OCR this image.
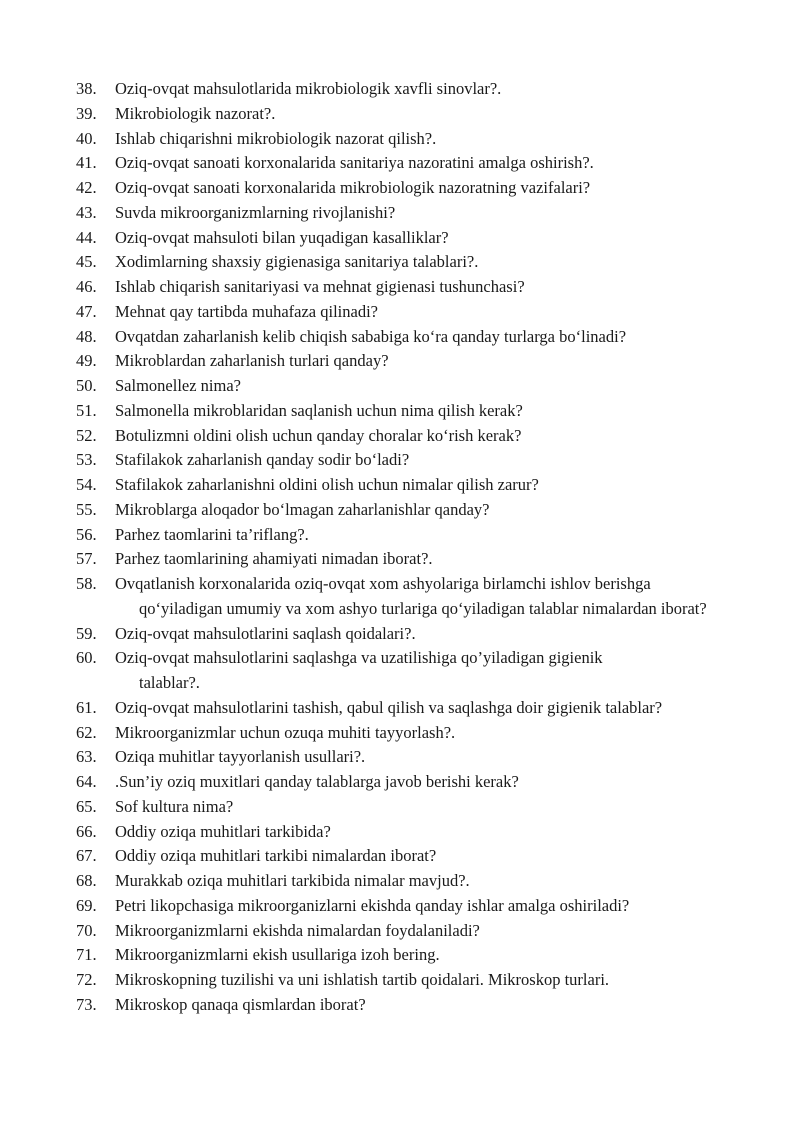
38.	Oziq-ovqat mahsulotlarida mikrobiologik xavfli sinovlar?.
39.	Mikrobiologik nazorat?.
40.	Ishlab chiqarishni mikrobiologik nazorat qilish?.
41.	Oziq-ovqat sanoati korxonalarida sanitariya nazoratini amalga oshirish?.
42.	Oziq-ovqat sanoati korxonalarida mikrobiologik nazoratning vazifalari?
43.	Suvda mikroorganizmlarning rivojlanishi?
44.	Oziq-ovqat mahsuloti bilan yuqadigan kasalliklar?
45.	Xodimlarning shaxsiy gigienasiga sanitariya talablari?.
46.	Ishlab chiqarish sanitariyasi va mehnat gigienasi tushunchasi?
47.	Mehnat qay tartibda muhafaza qilinadi?
48.	Ovqatdan zaharlanish kelib chiqish sababiga ko‘ra qanday turlarga bo‘linadi?
49.	Mikroblardan zaharlanish turlari qanday?
50.	Salmonellez nima?
51.	Salmonella mikroblaridan saqlanish uchun nima qilish kerak?
52.	Botulizmni oldini olish uchun qanday choralar ko‘rish kerak?
53.	Stafilakok zaharlanish qanday sodir bo‘ladi?
54.	Stafilakok zaharlanishni oldini olish uchun nimalar qilish zarur?
55.	Mikroblarga aloqador bo‘lmagan zaharlanishlar qanday?
56.	Parhez taomlarini ta’riflang?.
57.	Parhez taomlarining ahamiyati nimadan iborat?.
58.	Ovqatlanish korxonalarida oziq-ovqat xom ashyolariga birlamchi ishlov berishga
qo‘yiladigan umumiy va xom ashyo turlariga qo‘yiladigan talablar nimalardan iborat?
59.	Oziq-ovqat mahsulotlarini saqlash qoidalari?.
60.	Oziq-ovqat mahsulotlarini saqlashga va uzatilishiga qo’yiladigan gigienik
talablar?.
61.	Oziq-ovqat mahsulotlarini tashish, qabul qilish va saqlashga doir gigienik talablar?
62.	Mikroorganizmlar uchun ozuqa muhiti tayyorlash?.
63.	Oziqa muhitlar tayyorlanish usullari?.
64.	.Sun’iy oziq muxitlari qanday talablarga javob berishi kerak?
65.	Sof kultura nima?
66.	Oddiy oziqa muhitlari tarkibida?
67.	Oddiy oziqa muhitlari tarkibi nimalardan iborat?
68.	Murakkab oziqa muhitlari tarkibida nimalar mavjud?.
69.	Petri likopchasiga mikroorganizlarni ekishda qanday ishlar amalga oshiriladi?
70.	Mikroorganizmlarni ekishda nimalardan foydalaniladi?
71.	Mikroorganizmlarni ekish usullariga izoh bering.
72.	Mikroskopning tuzilishi va uni ishlatish tartib qoidalari. Mikroskop turlari.
73.	Mikroskop qanaqa qismlardan iborat?
